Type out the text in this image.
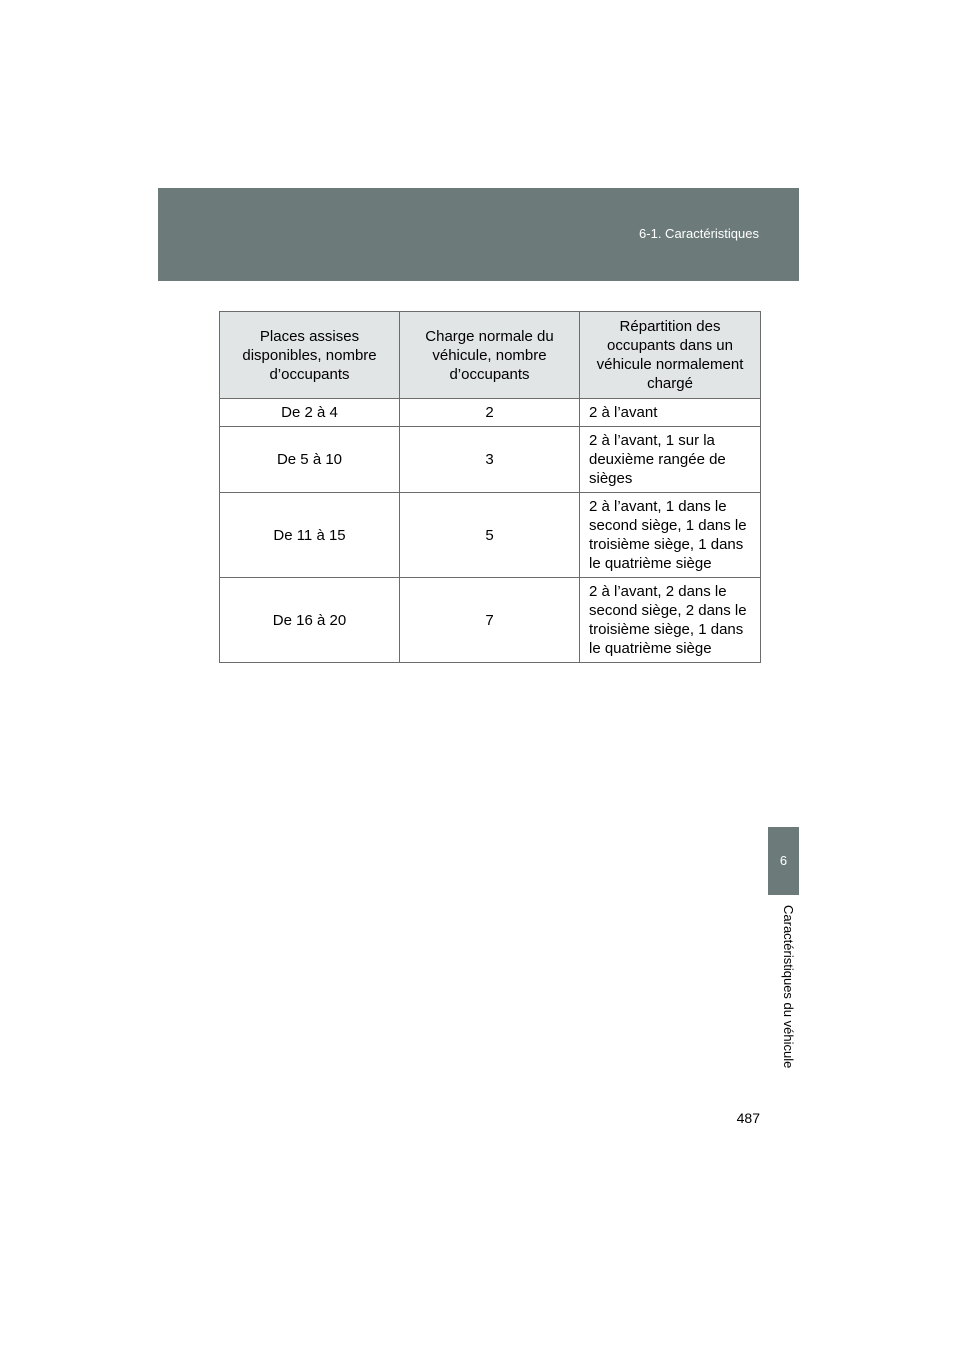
6-1. Caractéristiques
6
Caractéristiques du véhicule
Places assises disponibles, nombre d’occupants	Charge normale du véhicule, nombre d’occupants	Répartition des occupants dans un véhicule normalement chargé
De 2 à 4	2	2 à l’avant
De 5 à 10	3	2 à l’avant, 1 sur la deuxième rangée de sièges
De 11 à 15	5	2 à l’avant, 1 dans le second siège, 1 dans le troisième siège, 1 dans le quatrième siège
De 16 à 20	7	2 à l’avant, 2 dans le second siège, 2 dans le troisième siège, 1 dans le quatrième siège
487
